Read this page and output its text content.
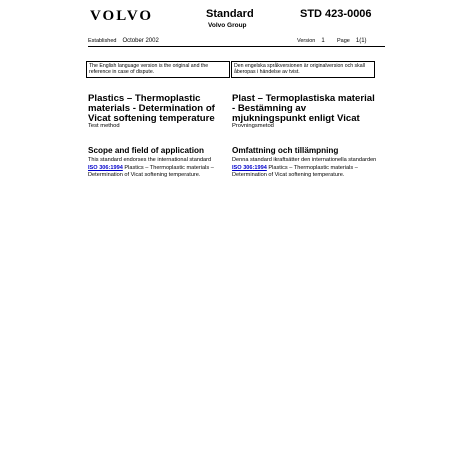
VOLVO	Standard
Volvo Group
STD 423-0006
Established October 2002	Version 1 Page 1(1)
The English language version is the original and the reference in case of dispute.
Den engelska språkversionen är originalversion och skall åberopas i händelse av tvist.
Plastics – Thermoplastic materials - Determination of Vicat softening temperature
Test method
Scope and field of application

This standard endorses the international standard
ISO 306:1994 Plastics – Thermoplastic materials – Determination of Vicat softening temperature.

Plast – Termoplastiska material - Bestämning av mjukningspunkt enligt Vicat
Provningsmetod
Omfattning och tillämpning

Denna standard ikraftsätter den internationella standarden ISO 306:1994 Plastics – Thermoplastic materials – Determination of Vicat softening temperature.
